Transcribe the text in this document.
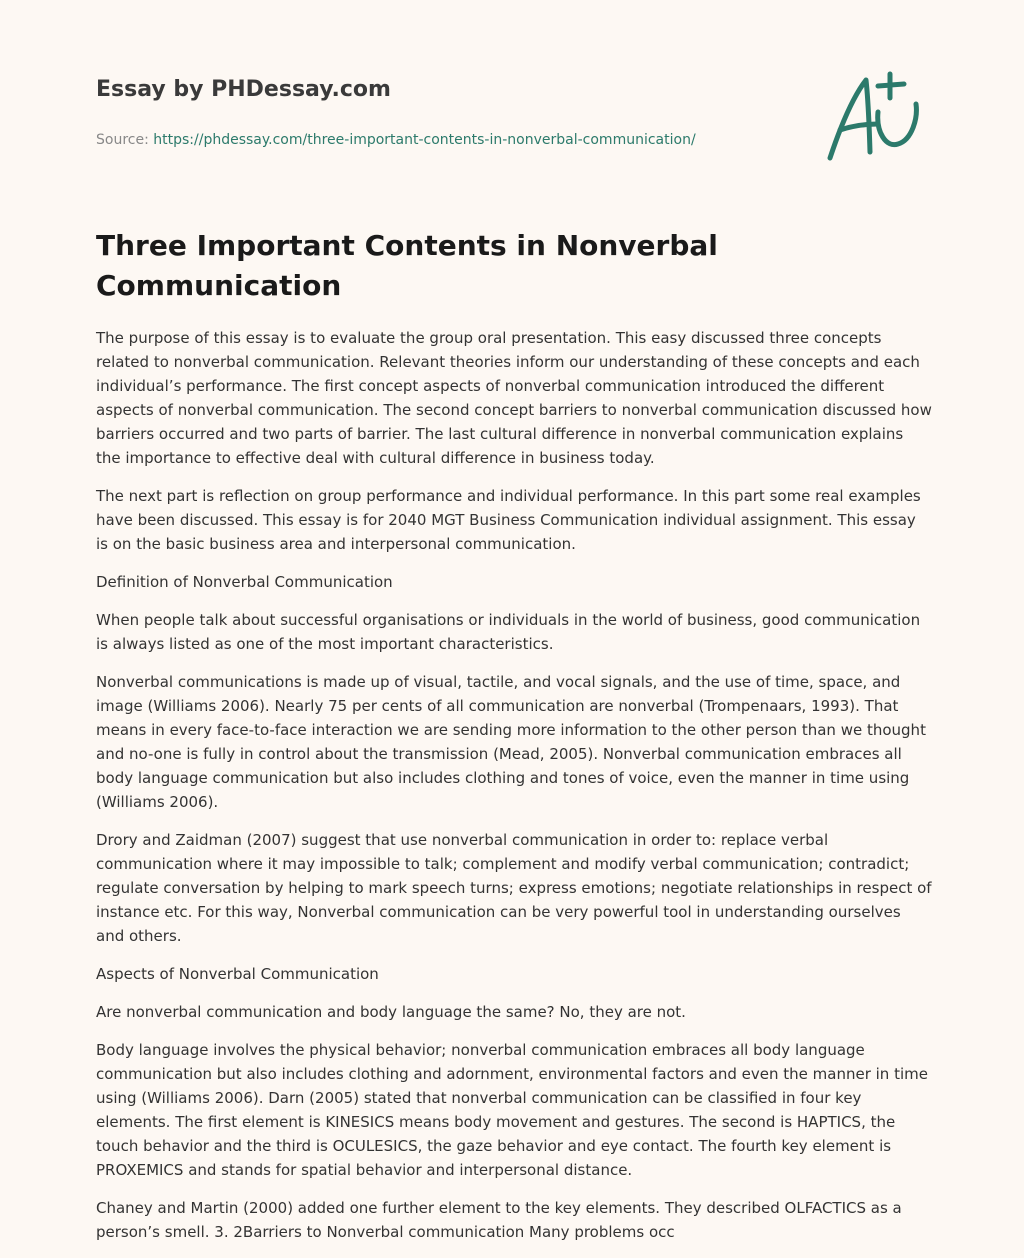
Essay by PHDessay.com
Source: https://phdessay.com/three-important-contents-in-nonverbal-communication/
Three Important Contents in Nonverbal Communication

The purpose of this essay is to evaluate the group oral presentation. This easy discussed three concepts related to nonverbal communication. Relevant theories inform our understanding of these concepts and each individual’s performance. The first concept aspects of nonverbal communication introduced the different aspects of nonverbal communication. The second concept barriers to nonverbal communication discussed how barriers occurred and two parts of barrier. The last cultural difference in nonverbal communication explains the importance to effective deal with cultural difference in business today.

The next part is reflection on group performance and individual performance. In this part some real examples have been discussed. This essay is for 2040 MGT Business Communication individual assignment. This essay is on the basic business area and interpersonal communication.

Definition of Nonverbal Communication

When people talk about successful organisations or individuals in the world of business, good communication is always listed as one of the most important characteristics.

Nonverbal communications is made up of visual, tactile, and vocal signals, and the use of time, space, and image (Williams 2006). Nearly 75 per cents of all communication are nonverbal (Trompenaars, 1993). That means in every face-to-face interaction we are sending more information to the other person than we thought and no-one is fully in control about the transmission (Mead, 2005). Nonverbal communication embraces all body language communication but also includes clothing and tones of voice, even the manner in time using (Williams 2006).

Drory and Zaidman (2007) suggest that use nonverbal communication in order to: replace verbal communication where it may impossible to talk; complement and modify verbal communication; contradict; regulate conversation by helping to mark speech turns; express emotions; negotiate relationships in respect of instance etc. For this way, Nonverbal communication can be very powerful tool in understanding ourselves and others.

Aspects of Nonverbal Communication

Are nonverbal communication and body language the same? No, they are not.

Body language involves the physical behavior; nonverbal communication embraces all body language communication but also includes clothing and adornment, environmental factors and even the manner in time using (Williams 2006). Darn (2005) stated that nonverbal communication can be classified in four key elements. The first element is KINESICS means body movement and gestures. The second is HAPTICS, the touch behavior and the third is OCULESICS, the gaze behavior and eye contact. The fourth key element is PROXEMICS and stands for spatial behavior and interpersonal distance.

Chaney and Martin (2000) added one further element to the key elements. They described OLFACTICS as a person’s smell. 3. 2Barriers to Nonverbal communication Many problems occ
